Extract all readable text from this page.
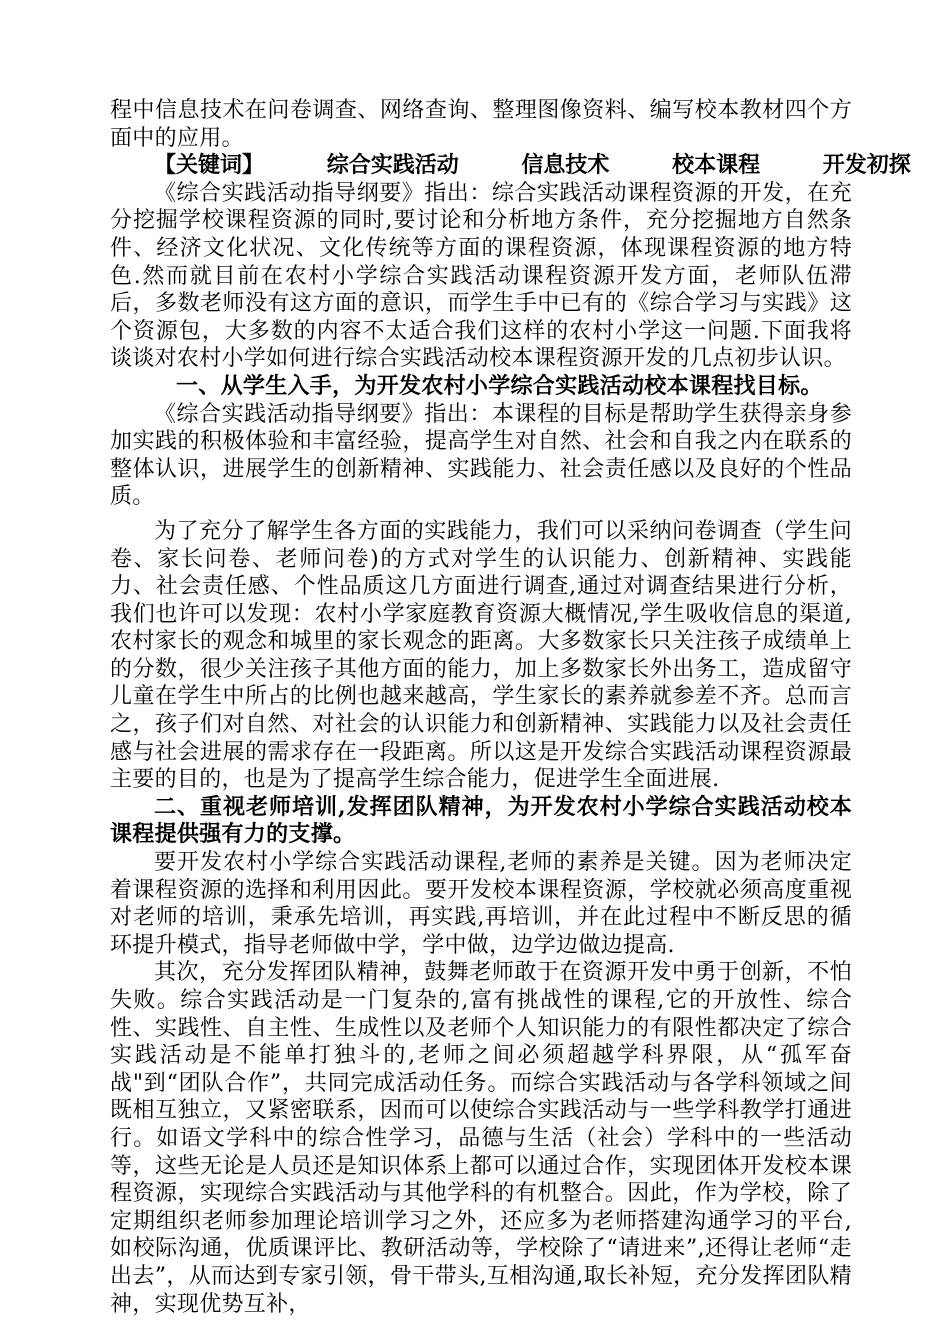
程中信息技术在问卷调查、网络查询、整理图像资料、编写校本教材四个方面中的应用。

【关键词】	综合实践活动	信息技术	校本课程	开发初探

《综合实践活动指导纲要》指出：综合实践活动课程资源的开发，在充分挖掘学校课程资源的同时,要讨论和分析地方条件，充分挖掘地方自然条件、经济文化状况、文化传统等方面的课程资源，体现课程资源的地方特色.然而就目前在农村小学综合实践活动课程资源开发方面，老师队伍滞后，多数老师没有这方面的意识，而学生手中已有的《综合学习与实践》这个资源包，大多数的内容不太适合我们这样的农村小学这一问题.下面我将谈谈对农村小学如何进行综合实践活动校本课程资源开发的几点初步认识。

一、从学生入手，为开发农村小学综合实践活动校本课程找目标。

《综合实践活动指导纲要》指出：本课程的目标是帮助学生获得亲身参加实践的积极体验和丰富经验，提高学生对自然、社会和自我之内在联系的整体认识，进展学生的创新精神、实践能力、社会责任感以及良好的个性品质。

为了充分了解学生各方面的实践能力，我们可以采纳问卷调查（学生问卷、家长问卷、老师问卷)的方式对学生的认识能力、创新精神、实践能力、社会责任感、个性品质这几方面进行调查,通过对调查结果进行分析，我们也许可以发现：农村小学家庭教育资源大概情况,学生吸收信息的渠道,农村家长的观念和城里的家长观念的距离。大多数家长只关注孩子成绩单上的分数，很少关注孩子其他方面的能力，加上多数家长外出务工，造成留守儿童在学生中所占的比例也越来越高，学生家长的素养就参差不齐。总而言之，孩子们对自然、对社会的认识能力和创新精神、实践能力以及社会责任感与社会进展的需求存在一段距离。所以这是开发综合实践活动课程资源最主要的目的，也是为了提高学生综合能力，促进学生全面进展.

二、重视老师培训,发挥团队精神，为开发农村小学综合实践活动校本课程提供强有力的支撑。

要开发农村小学综合实践活动课程,老师的素养是关键。因为老师决定着课程资源的选择和利用因此。要开发校本课程资源，学校就必须高度重视对老师的培训，秉承先培训，再实践,再培训，并在此过程中不断反思的循环提升模式，指导老师做中学，学中做，边学边做边提高.

其次，充分发挥团队精神，鼓舞老师敢于在资源开发中勇于创新，不怕失败。综合实践活动是一门复杂的,富有挑战性的课程,它的开放性、综合性、实践性、自主性、生成性以及老师个人知识能力的有限性都决定了综合实践活动是不能单打独斗的,老师之间必须超越学科界限，从“孤军奋战"到“团队合作”，共同完成活动任务。而综合实践活动与各学科领域之间既相互独立，又紧密联系，因而可以使综合实践活动与一些学科教学打通进行。如语文学科中的综合性学习，品德与生活（社会）学科中的一些活动等，这些无论是人员还是知识体系上都可以通过合作，实现团体开发校本课程资源，实现综合实践活动与其他学科的有机整合。因此，作为学校，除了定期组织老师参加理论培训学习之外，还应多为老师搭建沟通学习的平台,如校际沟通，优质课评比、教研活动等，学校除了“请进来”,还得让老师“走出去”，从而达到专家引领，骨干带头,互相沟通,取长补短，充分发挥团队精神，实现优势互补，
